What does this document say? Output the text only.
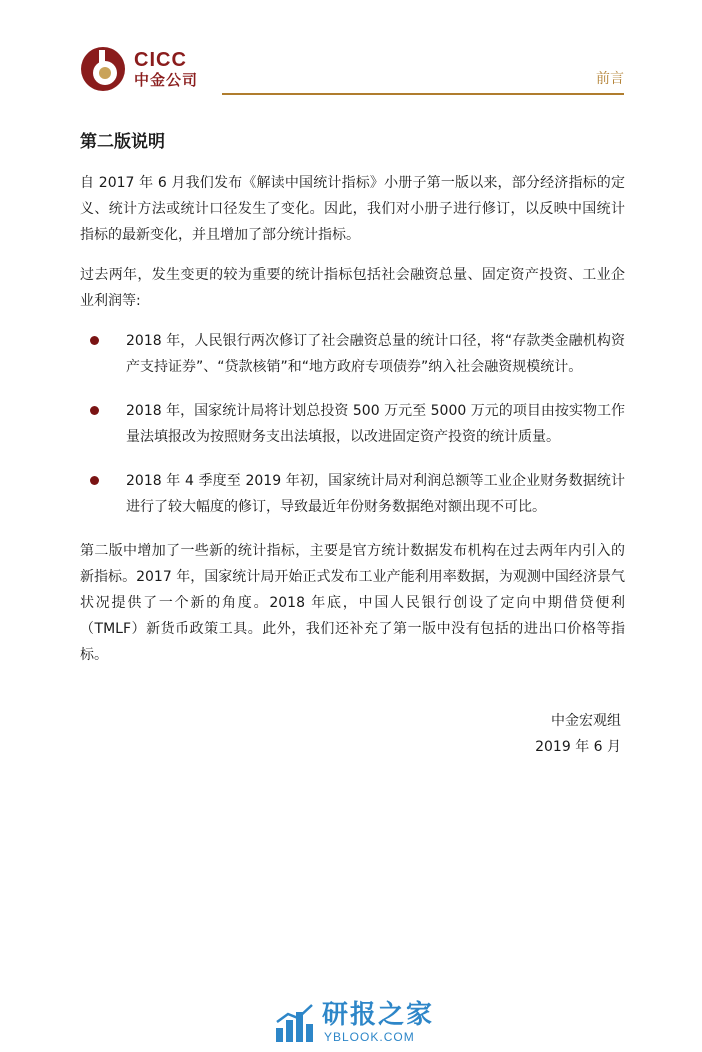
CICC
中金公司	前言
第二版说明

自 2017 年 6 月我们发布《解读中国统计指标》小册子第一版以来，部分经济指标的定义、统计方法或统计口径发生了变化。因此，我们对小册子进行修订，以反映中国统计指标的最新变化，并且增加了部分统计指标。

过去两年，发生变更的较为重要的统计指标包括社会融资总量、固定资产投资、工业企业利润等:

2018 年，人民银行两次修订了社会融资总量的统计口径，将“存款类金融机构资产支持证券”、“贷款核销”和“地方政府专项债券”纳入社会融资规模统计。
2018 年，国家统计局将计划总投资 500 万元至 5000 万元的项目由按实物工作量法填报改为按照财务支出法填报，以改进固定资产投资的统计质量。
2018 年 4 季度至 2019 年初，国家统计局对利润总额等工业企业财务数据统计进行了较大幅度的修订，导致最近年份财务数据绝对额出现不可比。

第二版中增加了一些新的统计指标，主要是官方统计数据发布机构在过去两年内引入的新指标。2017 年，国家统计局开始正式发布工业产能利用率数据，为观测中国经济景气状况提供了一个新的角度。2018 年底，中国人民银行创设了定向中期借贷便利（TMLF）新货币政策工具。此外，我们还补充了第一版中没有包括的进出口价格等指标。

中金宏观组
2019 年 6 月
研报之家
YBLOOK.COM
